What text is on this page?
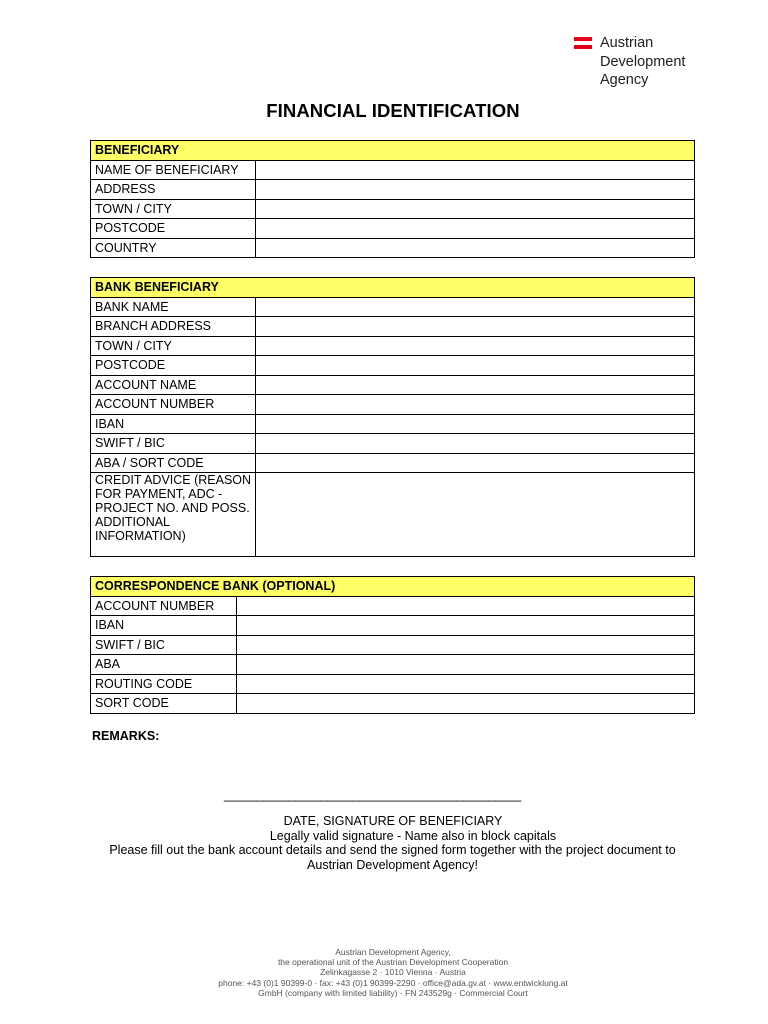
Austrian
Development
Agency
FINANCIAL IDENTIFICATION
BENEFICIARY	
NAME OF BENEFICIARY	
ADDRESS	
TOWN / CITY	
POSTCODE	
COUNTRY	
BANK BENEFICIARY	
BANK NAME	
BRANCH ADDRESS	
TOWN / CITY	
POSTCODE	
ACCOUNT NAME	
ACCOUNT NUMBER	
IBAN	
SWIFT / BIC	
ABA / SORT CODE	
CREDIT ADVICE (REASON FOR PAYMENT, ADC - PROJECT NO. AND POSS. ADDITIONAL INFORMATION)	
CORRESPONDENCE BANK (OPTIONAL)	
ACCOUNT NUMBER	
IBAN	
SWIFT / BIC	
ABA	
ROUTING CODE	
SORT CODE	
REMARKS:
______________________________________________
DATE, SIGNATURE OF BENEFICIARY
Legally valid signature - Name also in block capitals
Please fill out the bank account details and send the signed form together with the project document to Austrian Development Agency!
Austrian Development Agency,
the operational unit of the Austrian Development Cooperation
Zelinkagasse 2 · 1010 Vienna · Austria
phone: +43 (0)1 90399-0 · fax: +43 (0)1 90399-2290 · office@ada.gv.at · www.entwicklung.at
GmbH (company with limited liability) · FN 243529g · Commercial Court
